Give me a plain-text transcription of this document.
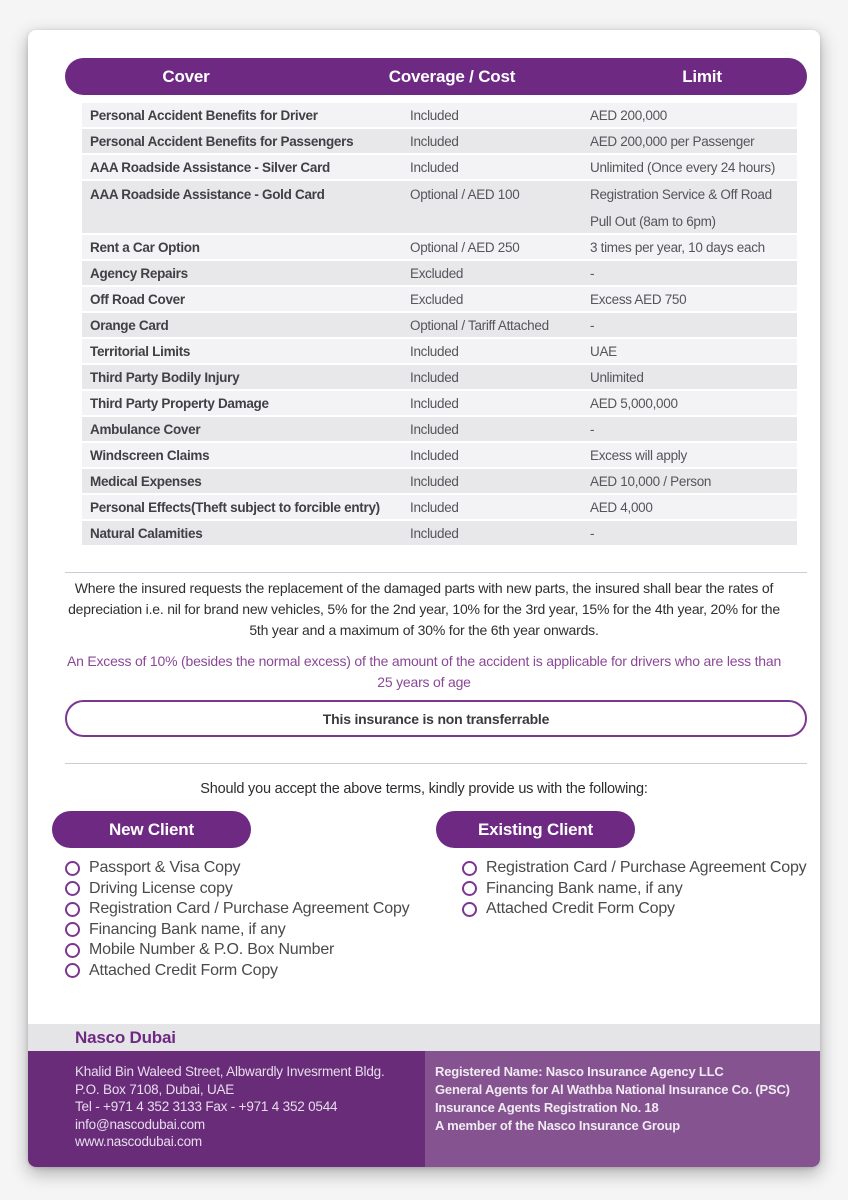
Cover	Coverage / Cost	Limit
Personal Accident Benefits for Driver	Included	AED 200,000
Personal Accident Benefits for Passengers	Included	AED 200,000 per Passenger
AAA Roadside Assistance - Silver Card	Included	Unlimited (Once every 24 hours)
AAA Roadside Assistance - Gold Card	Optional / AED 100	Registration Service & Off Road
Pull Out (8am to 6pm)
Rent a Car Option	Optional / AED 250	3 times per year, 10 days each
Agency Repairs	Excluded	-
Off Road Cover	Excluded	Excess AED 750
Orange Card	Optional / Tariff Attached	-
Territorial Limits	Included	UAE
Third Party Bodily Injury	Included	Unlimited
Third Party Property Damage	Included	AED 5,000,000
Ambulance Cover	Included	-
Windscreen Claims	Included	Excess will apply
Medical Expenses	Included	AED 10,000 / Person
Personal Effects(Theft subject to forcible entry)	Included	AED 4,000
Natural Calamities	Included	-
Where the insured requests the replacement of the damaged parts with new parts, the insured shall bear the rates of depreciation i.e. nil for brand new vehicles, 5% for the 2nd year, 10% for the 3rd year, 15% for the 4th year, 20% for the 5th year and a maximum of 30% for the 6th year onwards.
An Excess of 10% (besides the normal excess) of the amount of the accident is applicable for drivers who are less than 25 years of age
This insurance is non transferrable
Should you accept the above terms, kindly provide us with the following:
New Client
Passport & Visa Copy
Driving License copy
Registration Card / Purchase Agreement Copy
Financing Bank name, if any
Mobile Number & P.O. Box Number
Attached Credit Form Copy
Existing Client
Registration Card / Purchase Agreement Copy
Financing Bank name, if any
Attached Credit Form Copy
Nasco Dubai
Khalid Bin Waleed Street, Albwardly Invesrment Bldg.
P.O. Box 7108, Dubai, UAE
Tel - +971 4 352 3133 Fax - +971 4 352 0544
info@nascodubai.com
www.nascodubai.com
Registered Name: Nasco Insurance Agency LLC
General Agents for Al Wathba National Insurance Co. (PSC)
Insurance Agents Registration No. 18
A member of the Nasco Insurance Group
